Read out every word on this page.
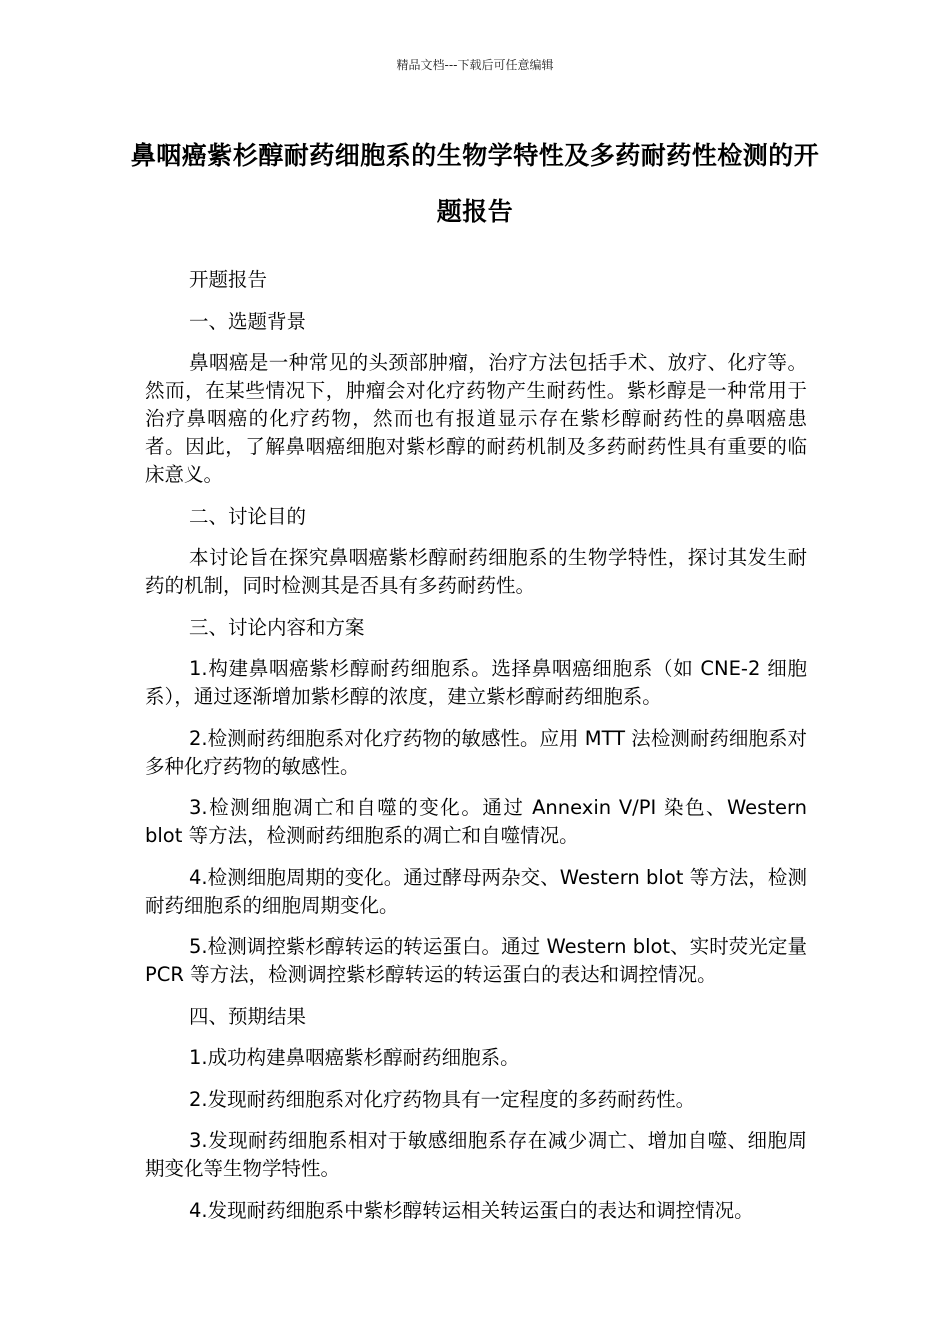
精品文档---下载后可任意编辑
鼻咽癌紫杉醇耐药细胞系的生物学特性及多药耐药性检测的开题报告

开题报告

一、选题背景

鼻咽癌是一种常见的头颈部肿瘤，治疗方法包括手术、放疗、化疗等。然而，在某些情况下，肿瘤会对化疗药物产生耐药性。紫杉醇是一种常用于治疗鼻咽癌的化疗药物，然而也有报道显示存在紫杉醇耐药性的鼻咽癌患者。因此，了解鼻咽癌细胞对紫杉醇的耐药机制及多药耐药性具有重要的临床意义。

二、讨论目的

本讨论旨在探究鼻咽癌紫杉醇耐药细胞系的生物学特性，探讨其发生耐药的机制，同时检测其是否具有多药耐药性。

三、讨论内容和方案

1.构建鼻咽癌紫杉醇耐药细胞系。选择鼻咽癌细胞系（如 CNE-2 细胞系），通过逐渐增加紫杉醇的浓度，建立紫杉醇耐药细胞系。

2.检测耐药细胞系对化疗药物的敏感性。应用 MTT 法检测耐药细胞系对多种化疗药物的敏感性。

3.检测细胞凋亡和自噬的变化。通过 Annexin V/PI 染色、Western blot 等方法，检测耐药细胞系的凋亡和自噬情况。

4.检测细胞周期的变化。通过酵母两杂交、Western blot 等方法，检测耐药细胞系的细胞周期变化。

5.检测调控紫杉醇转运的转运蛋白。通过 Western blot、实时荧光定量 PCR 等方法，检测调控紫杉醇转运的转运蛋白的表达和调控情况。

四、预期结果

1.成功构建鼻咽癌紫杉醇耐药细胞系。

2.发现耐药细胞系对化疗药物具有一定程度的多药耐药性。

3.发现耐药细胞系相对于敏感细胞系存在减少凋亡、增加自噬、细胞周期变化等生物学特性。

4.发现耐药细胞系中紫杉醇转运相关转运蛋白的表达和调控情况。
